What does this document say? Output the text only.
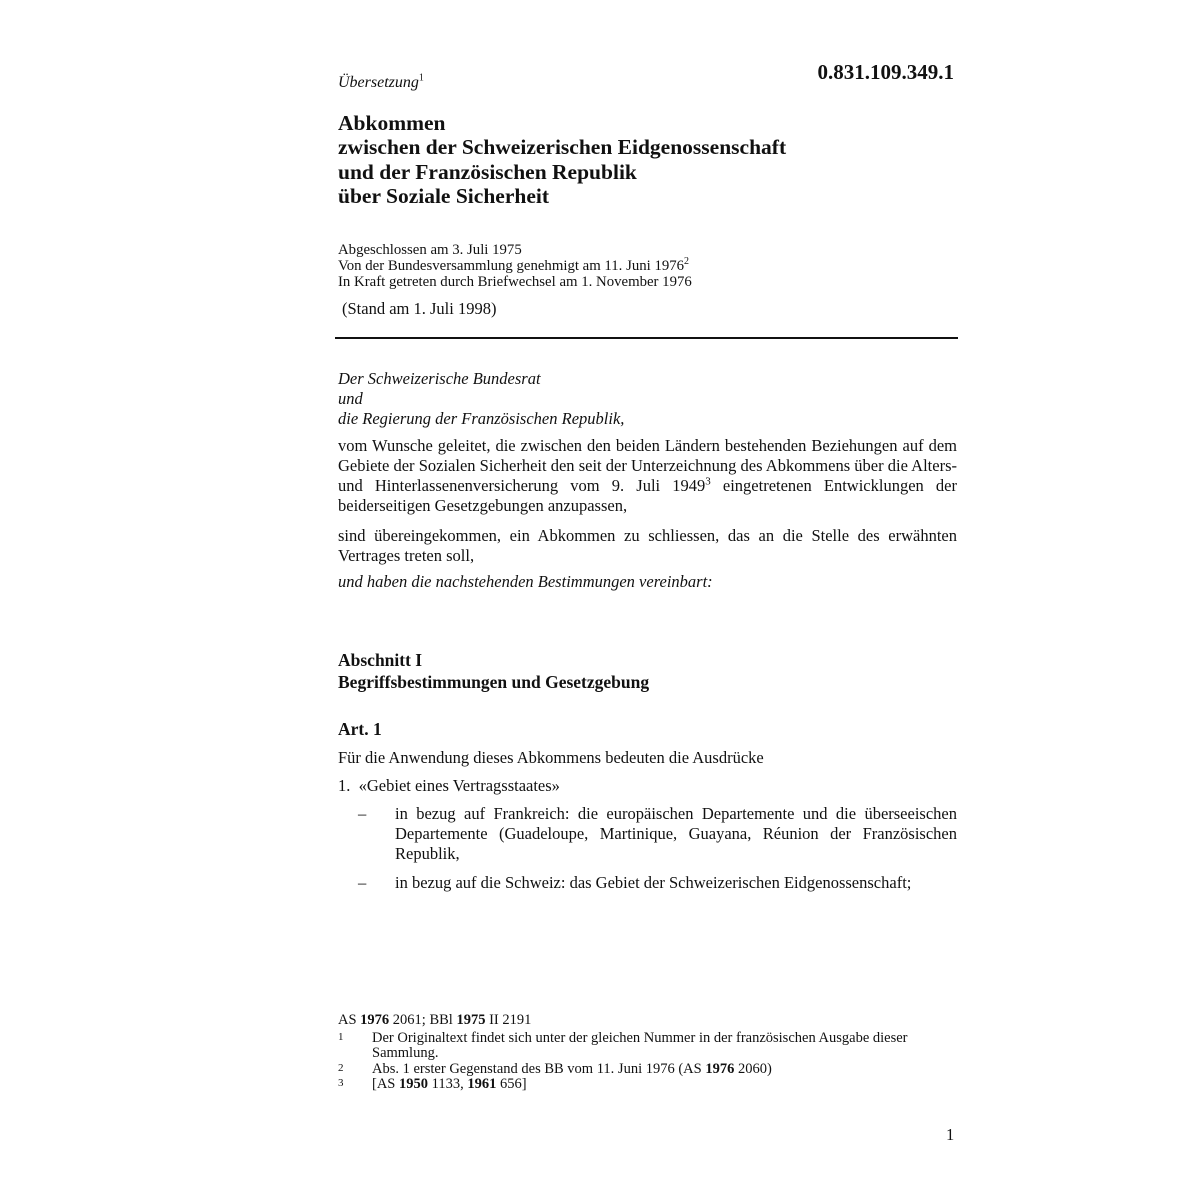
0.831.109.349.1
Übersetzung$^1$
Abkommen
zwischen der Schweizerischen Eidgenossenschaft
und der Französischen Republik
über Soziale Sicherheit
Abgeschlossen am 3. Juli 1975
Von der Bundesversammlung genehmigt am 11. Juni 1976$^2$
In Kraft getreten durch Briefwechsel am 1. November 1976
(Stand am 1. Juli 1998)
Der Schweizerische Bundesrat
und
die Regierung der Französischen Republik,
vom Wunsche geleitet, die zwischen den beiden Ländern bestehenden Beziehungen auf dem Gebiete der Sozialen Sicherheit den seit der Unterzeichnung des Abkommens über die Alters- und Hinterlassenenversicherung vom 9. Juli 1949$^3$ eingetretenen Entwicklungen der beiderseitigen Gesetzgebungen anzupassen,
sind übereingekommen, ein Abkommen zu schliessen, das an die Stelle des erwähnten Vertrages treten soll,
und haben die nachstehenden Bestimmungen vereinbart:
Abschnitt I
Begriffsbestimmungen und Gesetzgebung
Art. 1
Für die Anwendung dieses Abkommens bedeuten die Ausdrücke
1.  «Gebiet eines Vertragsstaates»
–	in bezug auf Frankreich: die europäischen Departemente und die überseeischen Departemente (Guadeloupe, Martinique, Guayana, Réunion der Französischen Republik,
–	in bezug auf die Schweiz: das Gebiet der Schweizerischen Eidgenossenschaft;
AS 1976 2061; BBl 1975 II 2191
1	Der Originaltext findet sich unter der gleichen Nummer in der französischen Ausgabe dieser Sammlung.
2	Abs. 1 erster Gegenstand des BB vom 11. Juni 1976 (AS 1976 2060)
3	[AS 1950 1133, 1961 656]
1
